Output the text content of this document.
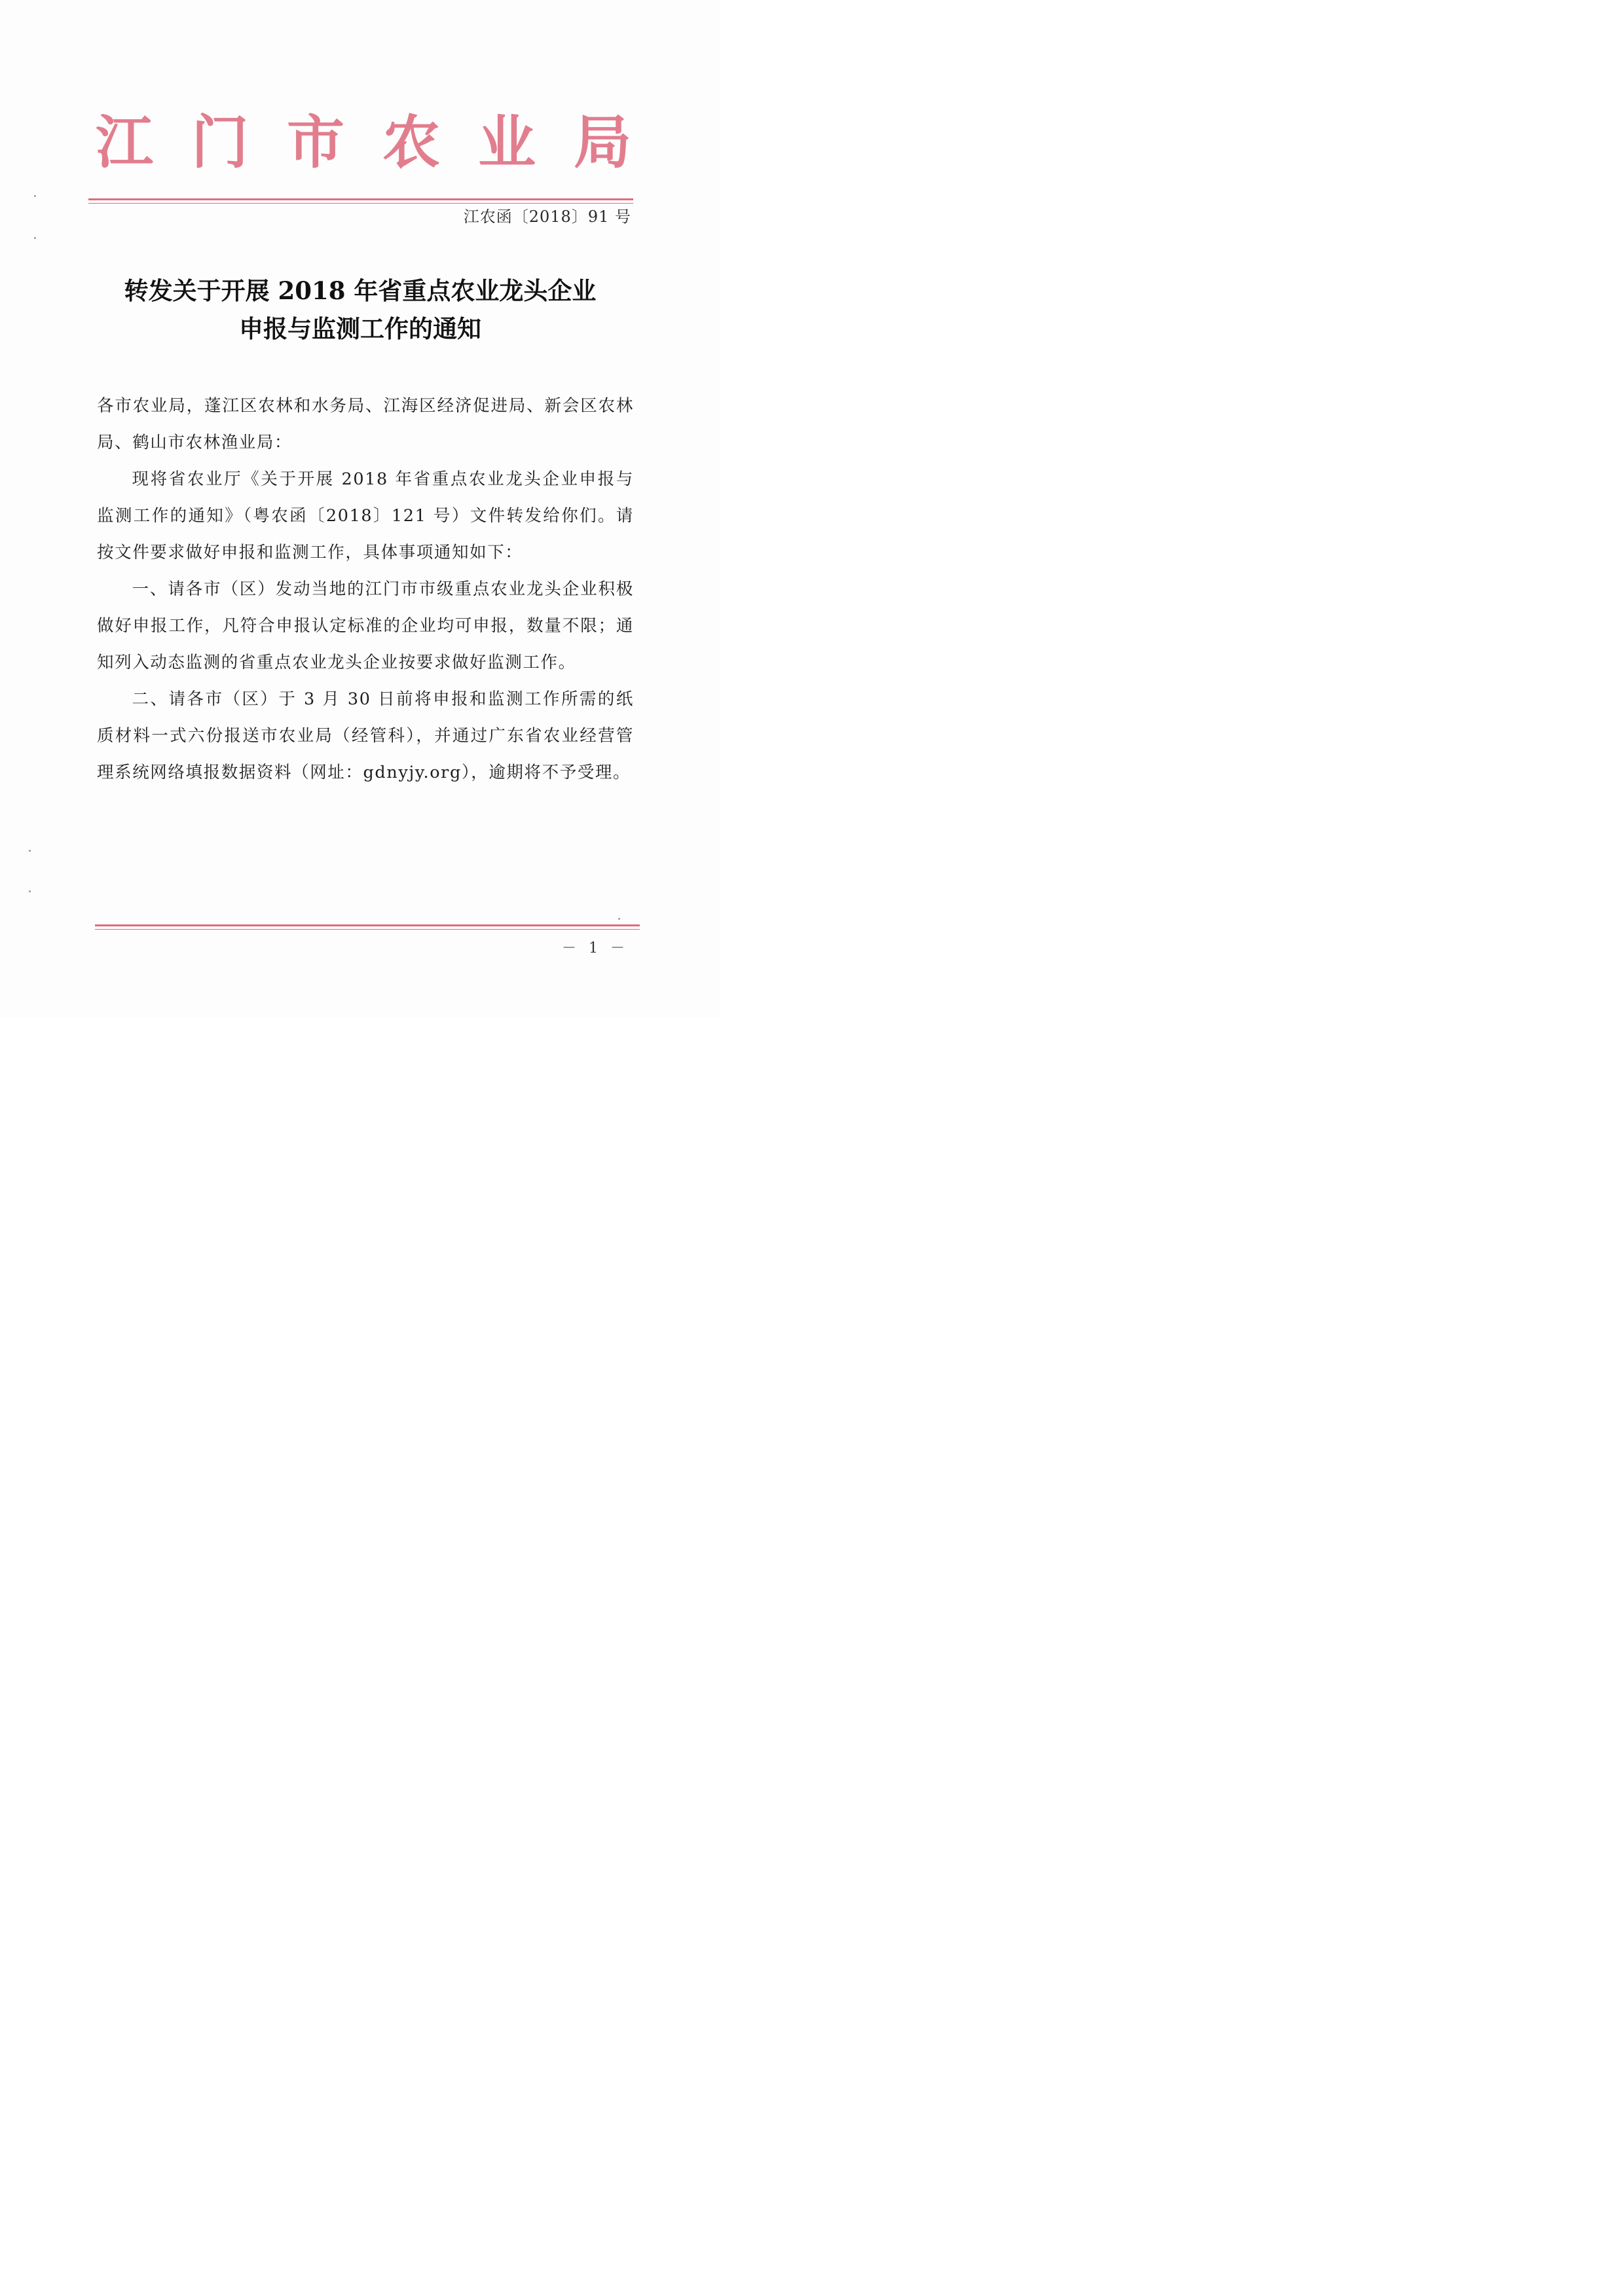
江 门 市 农 业 局
江农函〔2018〕91 号
转发关于开展 2018 年省重点农业龙头企业
申报与监测工作的通知

各市农业局，蓬江区农林和水务局、江海区经济促进局、新会区农林局、鹤山市农林渔业局：

现将省农业厅《关于开展 2018 年省重点农业龙头企业申报与监测工作的通知》（粤农函〔2018〕121 号）文件转发给你们。请按文件要求做好申报和监测工作，具体事项通知如下：

一、请各市（区）发动当地的江门市市级重点农业龙头企业积极做好申报工作，凡符合申报认定标准的企业均可申报，数量不限；通知列入动态监测的省重点农业龙头企业按要求做好监测工作。

二、请各市（区）于 3 月 30 日前将申报和监测工作所需的纸质材料一式六份报送市农业局（经管科），并通过广东省农业经营管理系统网络填报数据资料（网址：gdnyjy.org），逾期将不予受理。

－ 1 －
